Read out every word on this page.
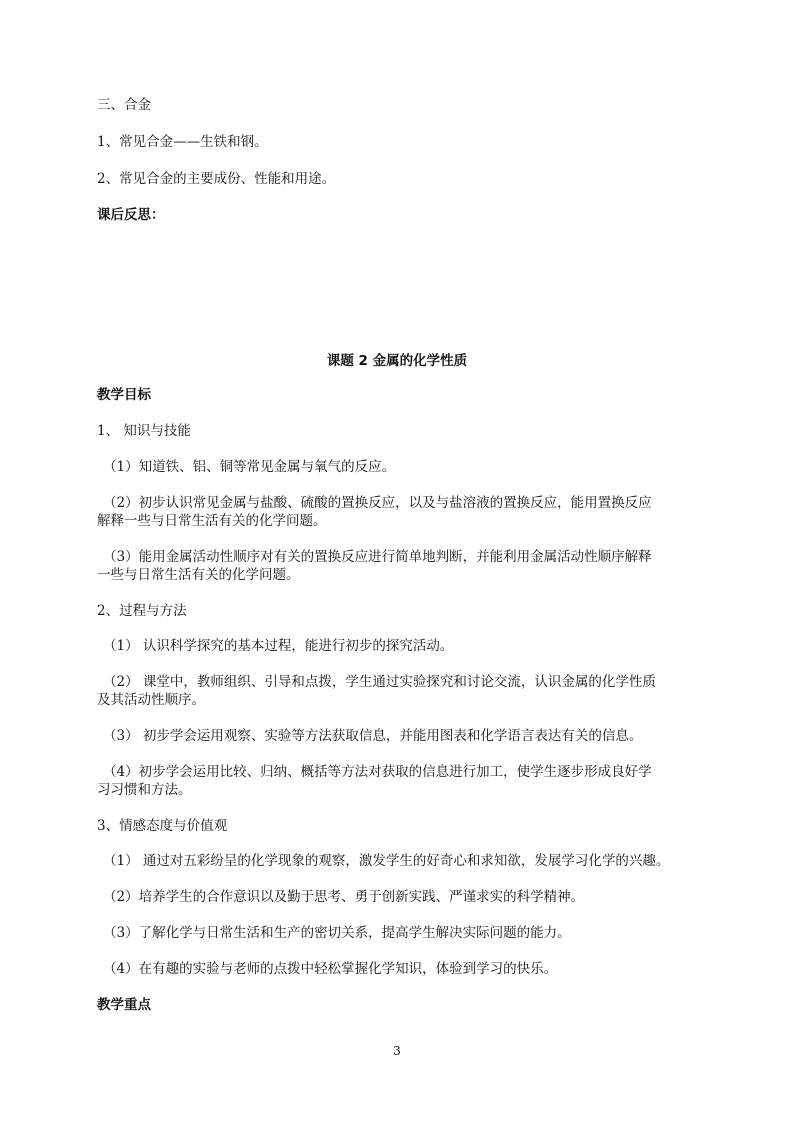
三、合金

1、常见合金——生铁和钢。

2、常见合金的主要成份、性能和用途。

课后反思：

课题 2 金属的化学性质

教学目标

1、 知识与技能

（1）知道铁、铝、铜等常见金属与氧气的反应。

（2）初步认识常见金属与盐酸、硫酸的置换反应，以及与盐溶液的置换反应，能用置换反应

解释一些与日常生活有关的化学问题。

（3）能用金属活动性顺序对有关的置换反应进行简单地判断，并能利用金属活动性顺序解释

一些与日常生活有关的化学问题。

2、过程与方法

（1） 认识科学探究的基本过程，能进行初步的探究活动。

（2） 课堂中，教师组织、引导和点拨，学生通过实验探究和讨论交流，认识金属的化学性质

及其活动性顺序。

（3） 初步学会运用观察、实验等方法获取信息，并能用图表和化学语言表达有关的信息。

（4）初步学会运用比较、归纳、概括等方法对获取的信息进行加工，使学生逐步形成良好学

习习惯和方法。

3、情感态度与价值观

（1） 通过对五彩纷呈的化学现象的观察，激发学生的好奇心和求知欲，发展学习化学的兴趣。

（2）培养学生的合作意识以及勤于思考、勇于创新实践、严谨求实的科学精神。

（3）了解化学与日常生活和生产的密切关系，提高学生解决实际问题的能力。

（4）在有趣的实验与老师的点拨中轻松掌握化学知识，体验到学习的快乐。

教学重点

3
